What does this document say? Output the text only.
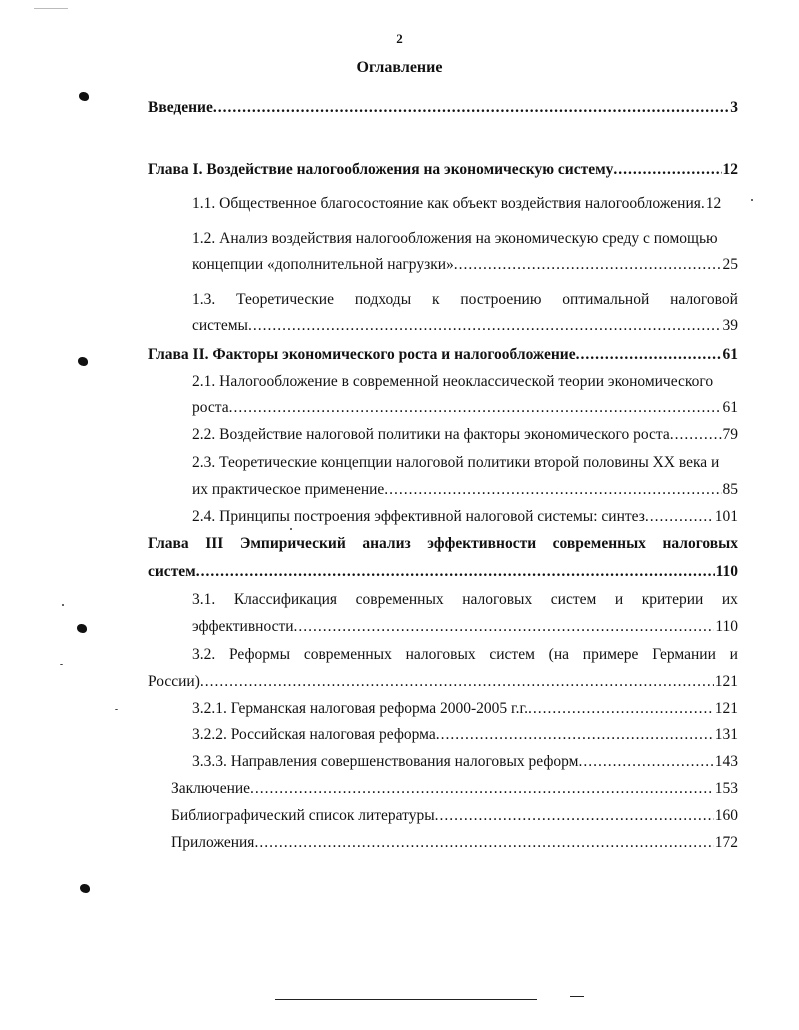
2
Оглавление
Введение .....	3
Глава I. Воздействие налогообложения на экономическую систему .....	12
1.1. Общественное благосостояние как объект воздействия налогообложения. 12
1.2. Анализ воздействия налогообложения на экономическую среду с помощью
концепции «дополнительной нагрузки» .....	25
1.3. Теоретические подходы к построению оптимальной налоговой
системы .....	39
Глава II. Факторы экономического роста и налогообложение .....	61
2.1. Налогообложение в современной неоклассической теории экономического
роста .....	61
2.2. Воздействие налоговой политики на факторы экономического роста .....	79
2.3. Теоретические концепции налоговой политики второй половины XX века и
их практическое применение .....	85
2.4. Принципы построения эффективной налоговой системы: синтез .....	101
Глава III Эмпирический анализ эффективности современных налоговых
систем .....	110
3.1. Классификация современных налоговых систем и критерии их
эффективности .....	110
3.2. Реформы современных налоговых систем (на примере Германии и
России) .....	121
3.2.1. Германская налоговая реформа 2000-2005 г.г. .....	121
3.2.2. Российская налоговая реформа .....	131
3.3.3. Направления совершенствования налоговых реформ .....	143
Заключение .....	153
Библиографический список литературы .....	160
Приложения .....	172
